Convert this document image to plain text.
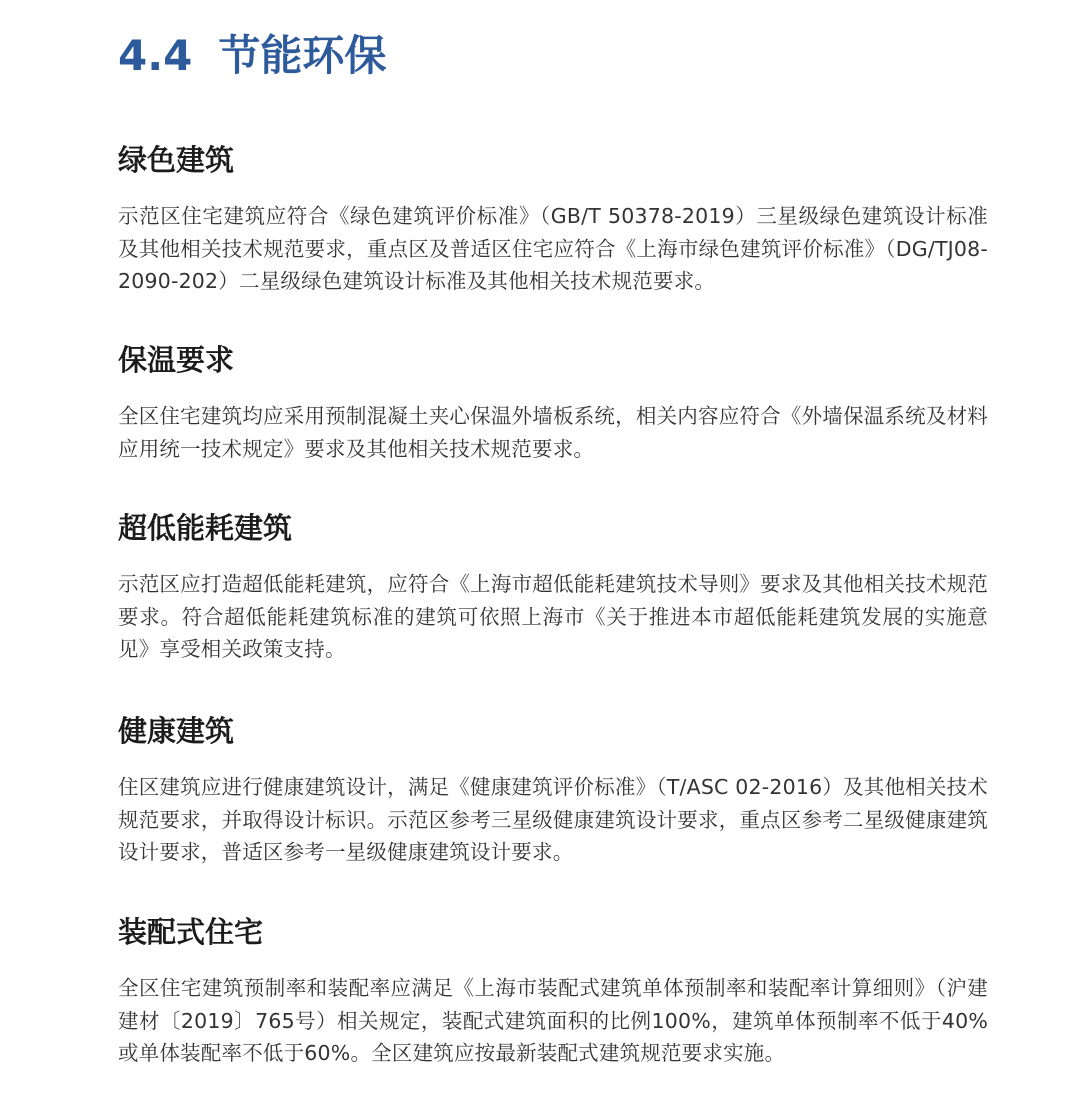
4.4 节能环保
绿色建筑

示范区住宅建筑应符合《绿色建筑评价标准》（GB/T 50378-2019）三星级绿色建筑设计标准及其他相关技术规范要求，重点区及普适区住宅应符合《上海市绿色建筑评价标准》（DG/TJ08-2090-202）二星级绿色建筑设计标准及其他相关技术规范要求。

保温要求

全区住宅建筑均应采用预制混凝土夹心保温外墙板系统，相关内容应符合《外墙保温系统及材料应用统一技术规定》要求及其他相关技术规范要求。

超低能耗建筑

示范区应打造超低能耗建筑，应符合《上海市超低能耗建筑技术导则》要求及其他相关技术规范要求。符合超低能耗建筑标准的建筑可依照上海市《关于推进本市超低能耗建筑发展的实施意见》享受相关政策支持。

健康建筑

住区建筑应进行健康建筑设计，满足《健康建筑评价标准》（T/ASC 02-2016）及其他相关技术规范要求，并取得设计标识。示范区参考三星级健康建筑设计要求，重点区参考二星级健康建筑设计要求，普适区参考一星级健康建筑设计要求。

装配式住宅

全区住宅建筑预制率和装配率应满足《上海市装配式建筑单体预制率和装配率计算细则》（沪建建材〔2019〕765号）相关规定，装配式建筑面积的比例100%，建筑单体预制率不低于40%或单体装配率不低于60%。全区建筑应按最新装配式建筑规范要求实施。
